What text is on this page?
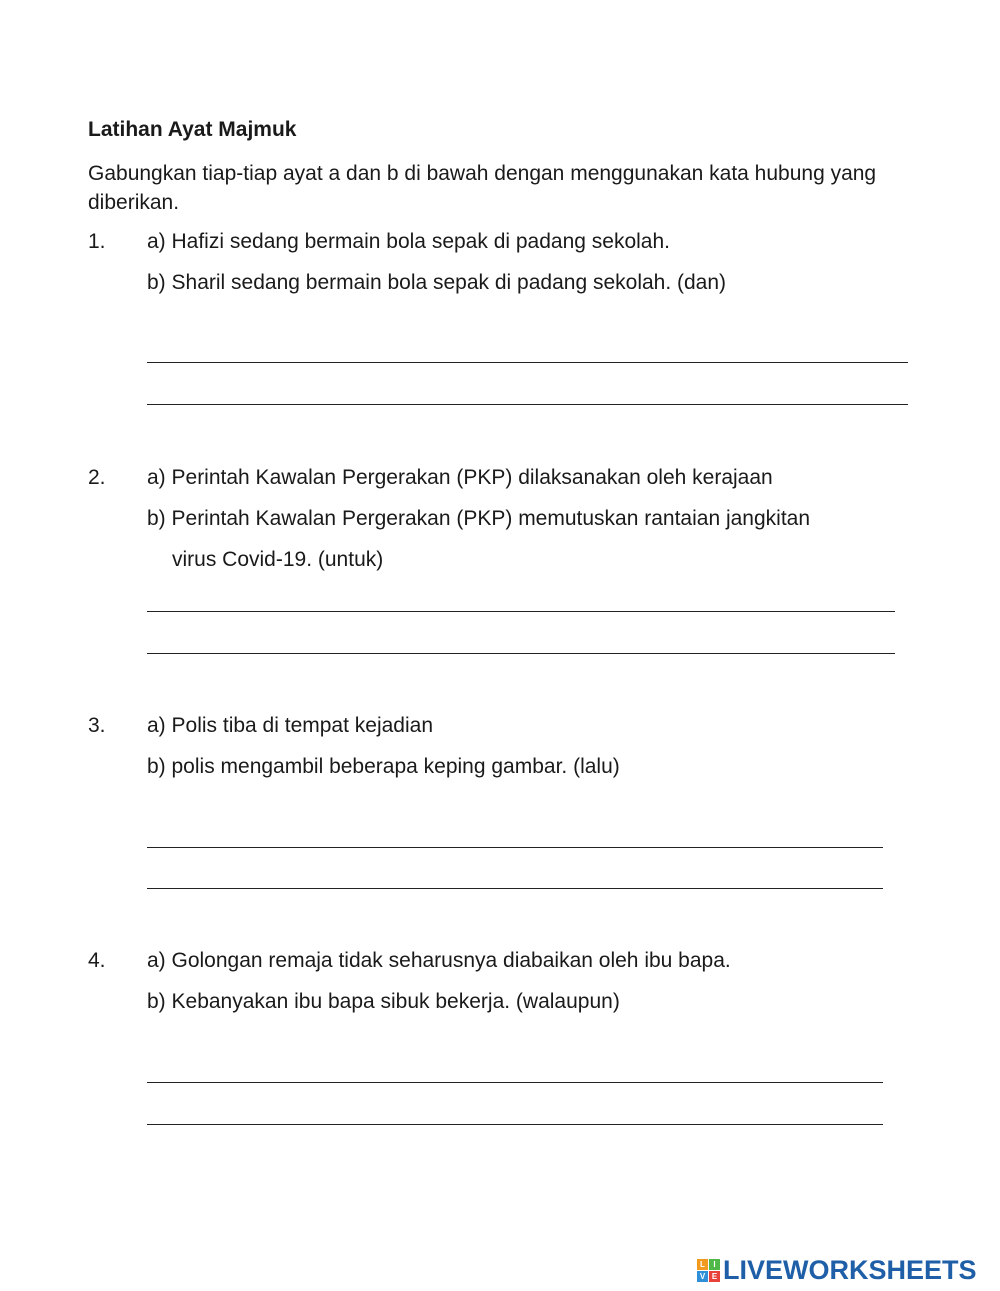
Latihan Ayat Majmuk
Gabungkan tiap-tiap ayat a dan b di bawah dengan menggunakan kata hubung yang diberikan.
1. a) Hafizi sedang bermain bola sepak di padang sekolah.
b) Sharil sedang bermain bola sepak di padang sekolah. (dan)
2. a) Perintah Kawalan Pergerakan (PKP) dilaksanakan oleh kerajaan
b) Perintah Kawalan Pergerakan (PKP) memutuskan rantaian jangkitan
virus Covid-19. (untuk)
3. a) Polis tiba di tempat kejadian
b) polis mengambil beberapa keping gambar. (lalu)
4. a) Golongan remaja tidak seharusnya diabaikan oleh ibu bapa.
b) Kebanyakan ibu bapa sibuk bekerja. (walaupun)
L	I
V E LIVEWORKSHEETS
